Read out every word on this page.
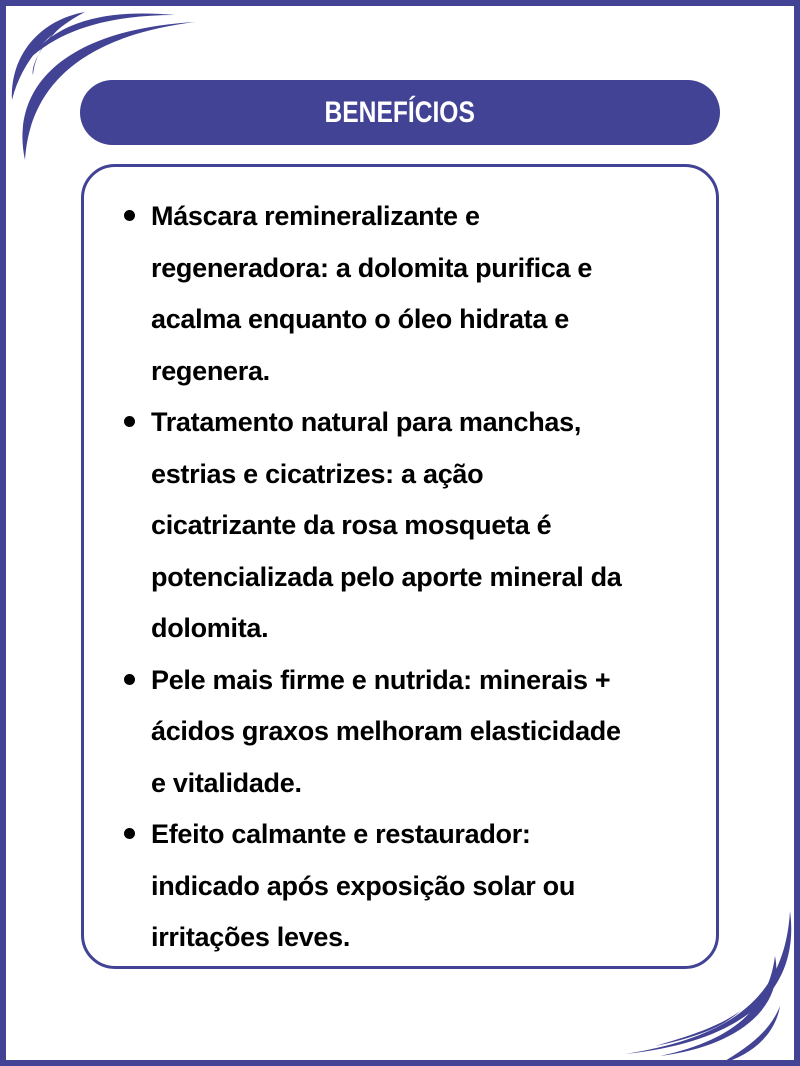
BENEFÍCIOS
Máscara remineralizante e
regeneradora: a dolomita purifica e
acalma enquanto o óleo hidrata e
regenera.
Tratamento natural para manchas,
estrias e cicatrizes: a ação
cicatrizante da rosa mosqueta é
potencializada pelo aporte mineral da
dolomita.
Pele mais firme e nutrida: minerais +
ácidos graxos melhoram elasticidade
e vitalidade.
Efeito calmante e restaurador:
indicado após exposição solar ou
irritações leves.
